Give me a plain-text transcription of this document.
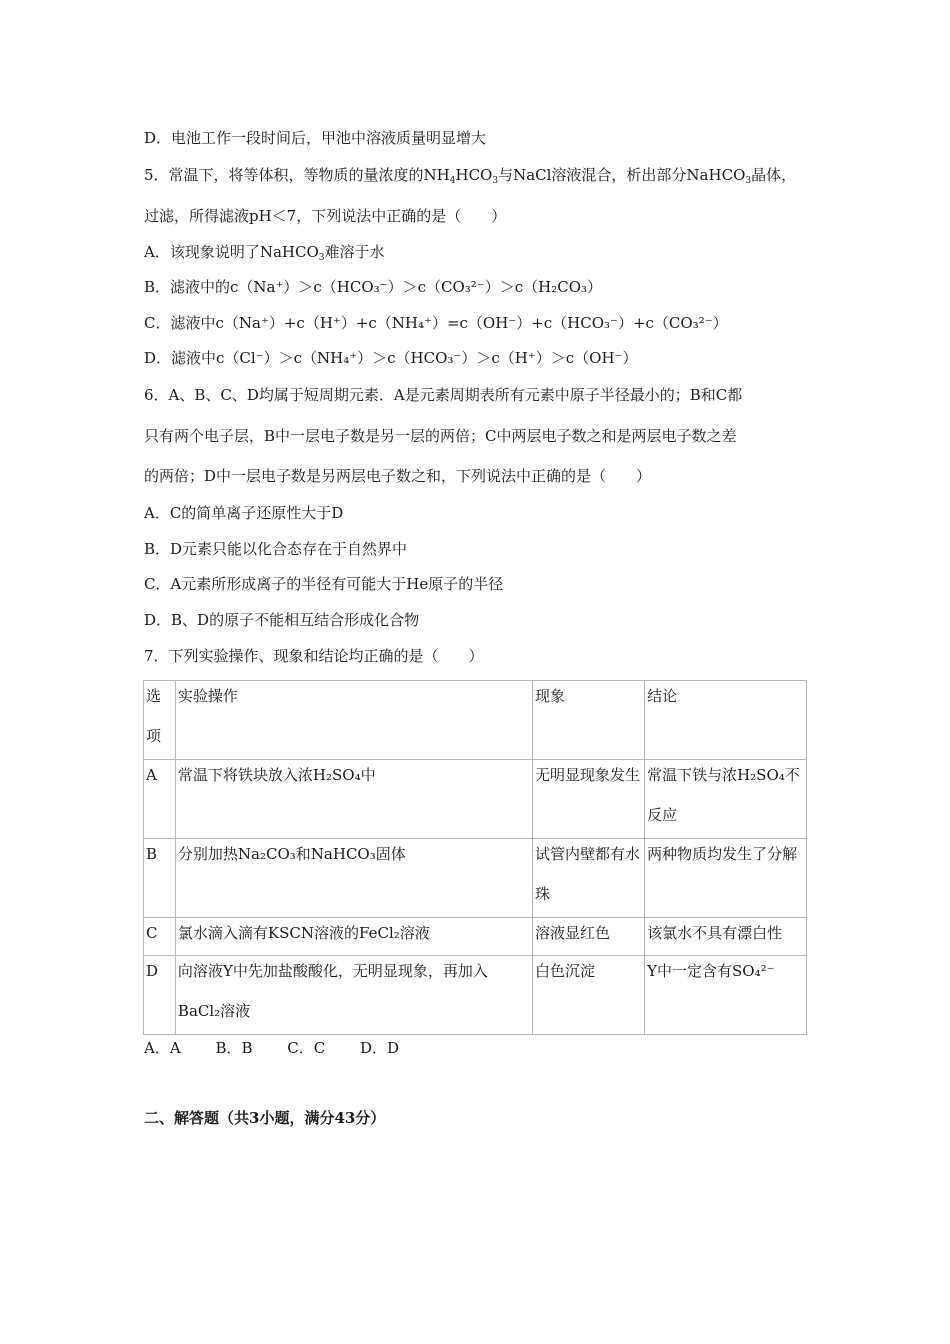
D．电池工作一段时间后，甲池中溶液质量明显增大
5．常温下，将等体积，等物质的量浓度的$NH_4HCO_3$与NaCl溶液混合，析出部分NaHCO$_3$晶体，
过滤，所得滤液pH＜7，下列说法中正确的是（　　）
A．该现象说明了NaHCO$_3$难溶于水
B．滤液中的c（Na⁺）＞c（HCO₃⁻）＞c（CO₃²⁻）＞c（H₂CO₃）
C．滤液中c（Na⁺）+c（H⁺）+c（NH₄⁺）=c（OH⁻）+c（HCO₃⁻）+c（CO₃²⁻）
D．滤液中c（Cl⁻）＞c（NH₄⁺）＞c（HCO₃⁻）＞c（H⁺）＞c（OH⁻）
6．A、B、C、D均属于短周期元素．A是元素周期表所有元素中原子半径最小的；B和C都
只有两个电子层，B中一层电子数是另一层的两倍；C中两层电子数之和是两层电子数之差
的两倍；D中一层电子数是另两层电子数之和，下列说法中正确的是（　　）
A．C的简单离子还原性大于D
B．D元素只能以化合态存在于自然界中
C．A元素所形成离子的半径有可能大于He原子的半径
D．B、D的原子不能相互结合形成化合物
7．下列实验操作、现象和结论均正确的是（　　）
选项	实验操作	现象	结论

A	常温下将铁块放入浓H₂SO₄中	无明显现象发生	常温下铁与浓H₂SO₄不反应

B	分别加热Na₂CO₃和NaHCO₃固体	试管内壁都有水珠	两种物质均发生了分解

C	氯水滴入滴有KSCN溶液的FeCl₂溶液	溶液显红色	该氯水不具有漂白性

D	向溶液Y中先加盐酸酸化，无明显现象，再加入BaCl₂溶液	白色沉淀	Y中一定含有SO₄²⁻
A．A B．B C．C D．D
二、解答题（共3小题，满分43分）
